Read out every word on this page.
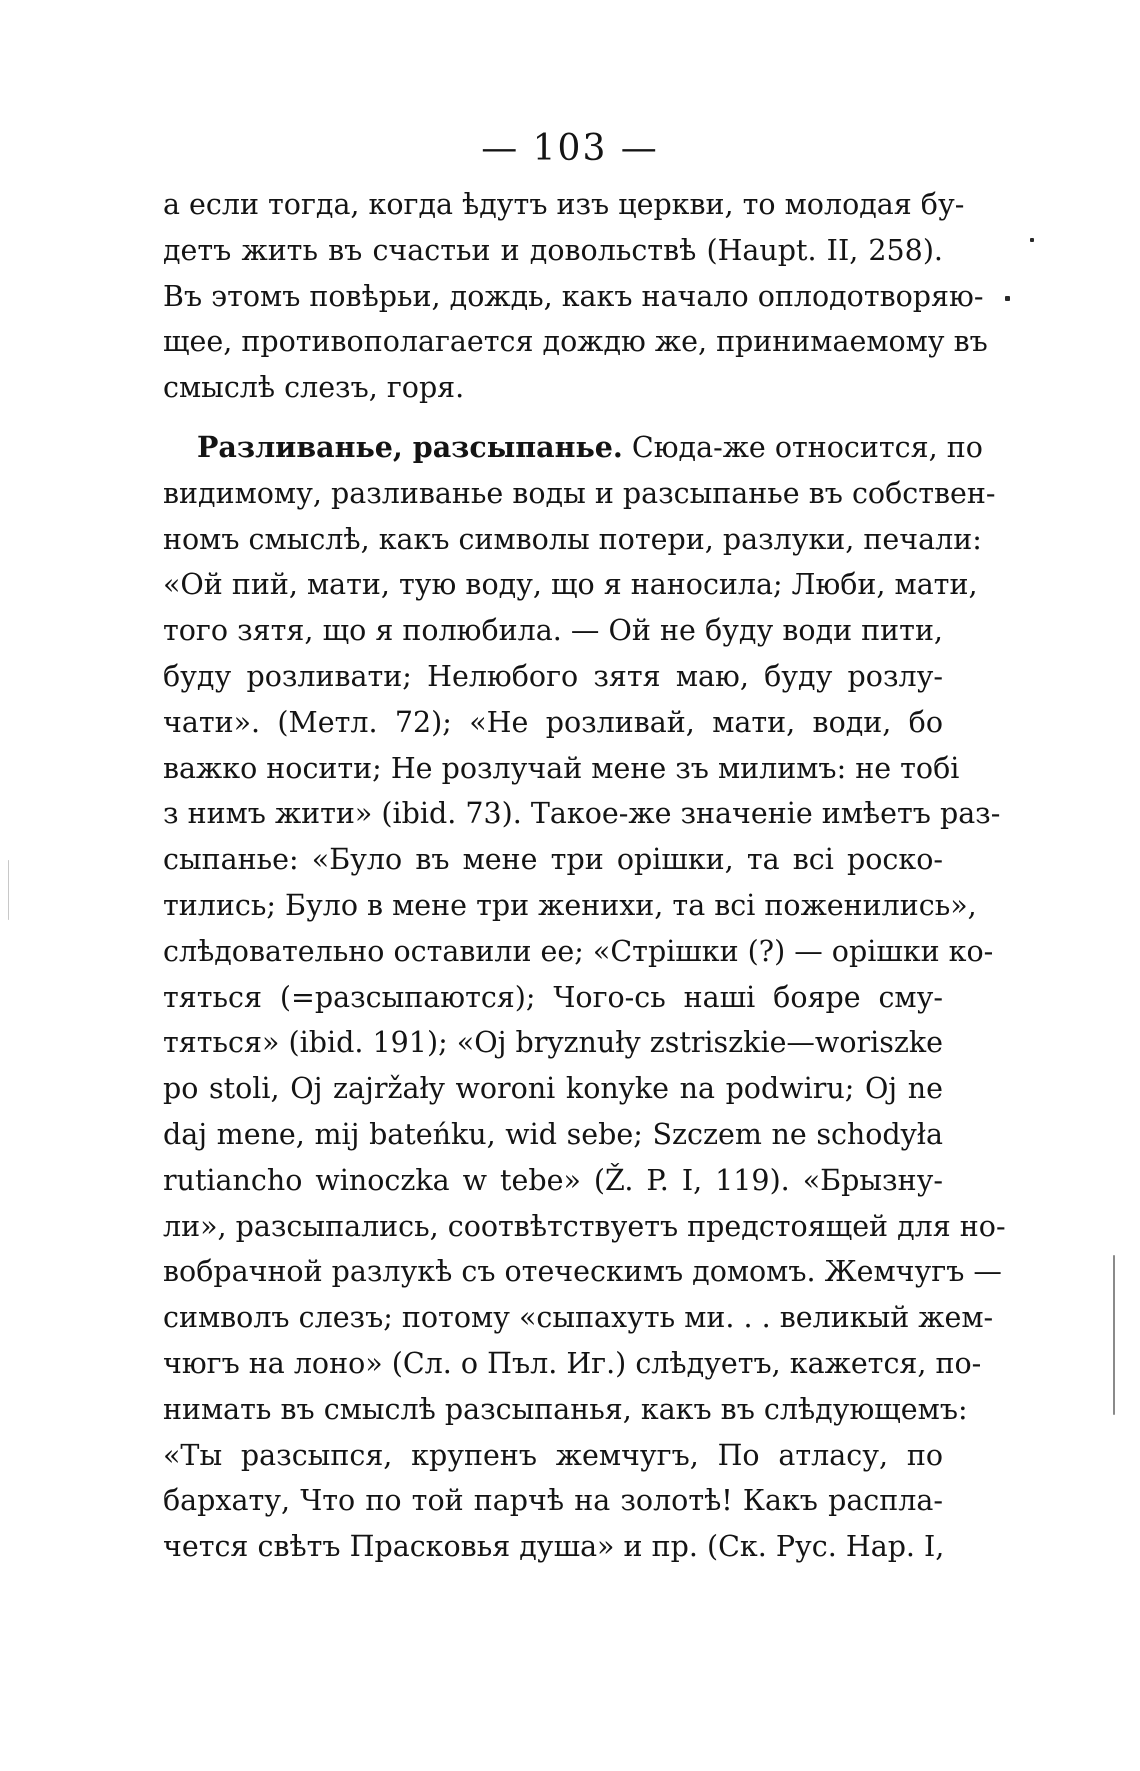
— 103 —
а если тогда, когда ѣдутъ изъ церкви, то молодая бу-
детъ жить въ счастьи и довольствѣ (Haupt. II, 258).
Въ этомъ повѣрьи, дождь, какъ начало оплодотворяю-
щее, противополагается дождю же, принимаемому въ
смыслѣ слезъ, горя.
Разливанье, разсыпанье. Сюда-же относится, по
видимому, разливанье воды и разсыпанье въ собствен-
номъ смыслѣ, какъ символы потери, разлуки, печали:
«Ой пий, мати, тую воду, що я наносила; Люби, мати,
того зятя, що я полюбила. — Ой не буду води пити,
буду розливати; Нелюбого зятя маю, буду розлу-
чати». (Метл. 72); «Не розливай, мати, води, бо
важко носити; Не розлучай мене зъ милимъ: не тобі
з нимъ жити» (ibid. 73). Такое-же значеніе имѣетъ раз-
сыпанье: «Було въ мене три орішки, та всі роско-
тились; Було в мене три женихи, та всі поженились»,
слѣдовательно оставили ее; «Стрішки (?) — орішки ко-
тяться (=разсыпаются); Чого-сь наші бояре сму-
тяться» (ibid. 191); «Oj bryznuły zstriszkie—woriszke
po stoli, Oj zajržały woroni konyke na podwiru; Oj ne
daj mene, mij bateńku, wid sebe; Szczem ne schodyła
rutiancho winoczka w tebe» (Ž. P. I, 119). «Брызну-
ли», разсыпались, соотвѣтствуетъ предстоящей для но-
вобрачной разлукѣ съ отеческимъ домомъ. Жемчугъ —
символъ слезъ; потому «сыпахуть ми. . . великый жем-
чюгъ на лоно» (Сл. о Пъл. Иг.) слѣдуетъ, кажется, по-
нимать въ смыслѣ разсыпанья, какъ въ слѣдующемъ:
«Ты разсыпся, крупенъ жемчугъ, По атласу, по
бархату, Что по той парчѣ на золотѣ! Какъ распла-
чется свѣтъ Прасковья душа» и пр. (Ск. Рус. Нар. I,
